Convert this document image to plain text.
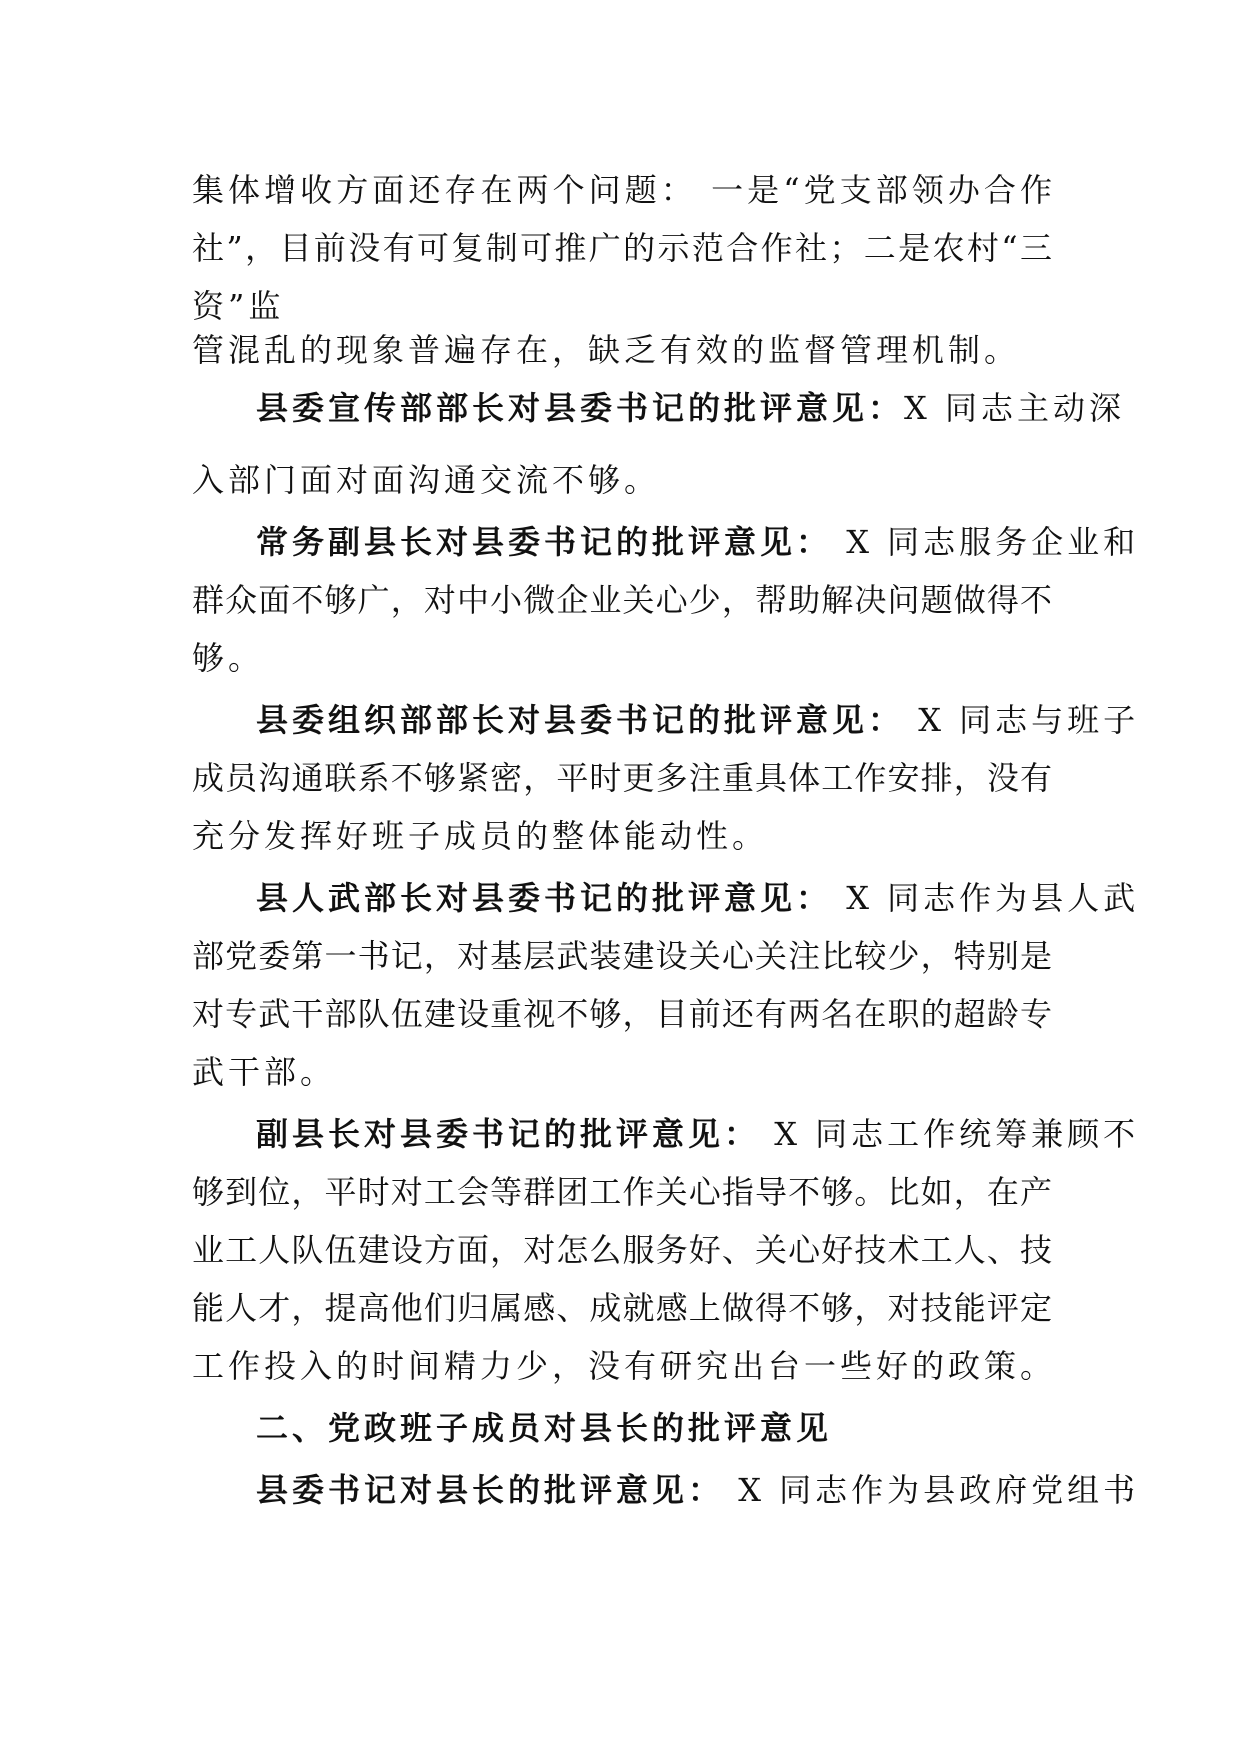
集体增收方面还存在两个问题： 一是“党支部领办合作
社”，目前没有可复制可推广的示范合作社；二是农村“三
资”监
管混乱的现象普遍存在，缺乏有效的监督管理机制。
县委宣传部部长对县委书记的批评意见：X 同志主动深
入部门面对面沟通交流不够。
常务副县长对县委书记的批评意见： X 同志服务企业和
群众面不够广，对中小微企业关心少，帮助解决问题做得不
够。
县委组织部部长对县委书记的批评意见： X 同志与班子
成员沟通联系不够紧密，平时更多注重具体工作安排，没有
充分发挥好班子成员的整体能动性。
县人武部长对县委书记的批评意见： X 同志作为县人武
部党委第一书记，对基层武装建设关心关注比较少，特别是
对专武干部队伍建设重视不够，目前还有两名在职的超龄专
武干部。
副县长对县委书记的批评意见： X 同志工作统筹兼顾不
够到位，平时对工会等群团工作关心指导不够。比如，在产
业工人队伍建设方面，对怎么服务好、关心好技术工人、技
能人才，提高他们归属感、成就感上做得不够，对技能评定
工作投入的时间精力少，没有研究出台一些好的政策。
二、党政班子成员对县长的批评意见
县委书记对县长的批评意见： X 同志作为县政府党组书
